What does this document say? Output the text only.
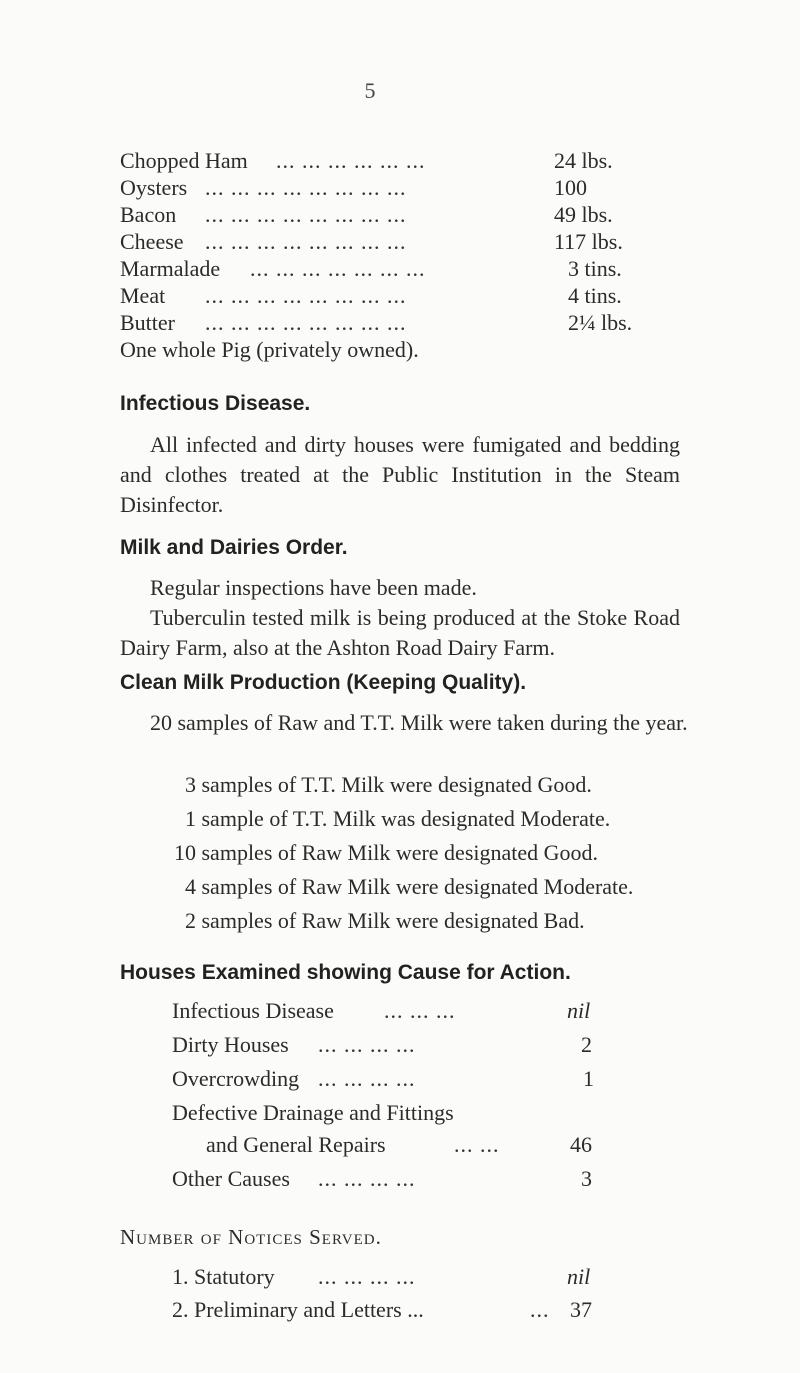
5
Chopped Ham ... ... ... ... ... ...	24 lbs.
Oysters ... ... ... ... ... ... ... ...	100
Bacon ... ... ... ... ... ... ... ...	49 lbs.
Cheese ... ... ... ... ... ... ... ...	117 lbs.
Marmalade ... ... ... ... ... ... ...	3 tins.
Meat ... ... ... ... ... ... ... ...	4 tins.
Butter ... ... ... ... ... ... ... ...	2¼ lbs.
One whole Pig (privately owned).
Infectious Disease.
All infected and dirty houses were fumigated and bedding and clothes treated at the Public Institution in the Steam Disinfector.
Milk and Dairies Order.
Regular inspections have been made.
Tuberculin tested milk is being produced at the Stoke Road Dairy Farm, also at the Ashton Road Dairy Farm.
Clean Milk Production (Keeping Quality).
20 samples of Raw and T.T. Milk were taken during the year.
3 samples of T.T. Milk were designated Good.
1 sample of T.T. Milk was designated Moderate.
10 samples of Raw Milk were designated Good.
4 samples of Raw Milk were designated Moderate.
2 samples of Raw Milk were designated Bad.
Houses Examined showing Cause for Action.
Infectious Disease ... ... ...	nil
Dirty Houses ... ... ... ...	2
Overcrowding ... ... ... ...	1
Defective Drainage and Fittings
and General Repairs	... ...	46
Other Causes ... ... ... ...	3
Number of Notices Served.
1. Statutory ... ... ... ...	nil
2. Preliminary and Letters ...	... 37
